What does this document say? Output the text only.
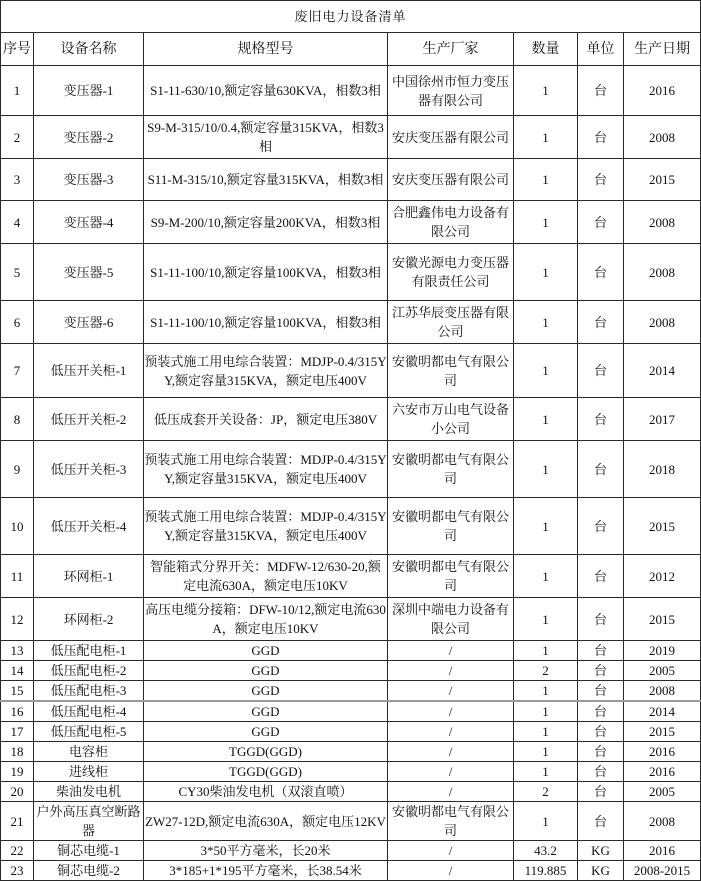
废旧电力设备清单						
序号	设备名称	规格型号	生产厂家	数量	单位	生产日期

1	变压器-1	S1-11-630/10,额定容量630KVA，相数3相	中国徐州市恒力变压器有限公司	1	台	2016

2	变压器-2	S9-M-315/10/0.4,额定容量315KVA，相数3相	安庆变压器有限公司	1	台	2008

3	变压器-3	S11-M-315/10,额定容量315KVA，相数3相	安庆变压器有限公司	1	台	2015

4	变压器-4	S9-M-200/10,额定容量200KVA，相数3相	合肥鑫伟电力设备有限公司	1	台	2008

5	变压器-5	S1-11-100/10,额定容量100KVA，相数3相	安徽光源电力变压器有限责任公司	1	台	2008

6	变压器-6	S1-11-100/10,额定容量100KVA，相数3相	江苏华辰变压器有限公司	1	台	2008

7	低压开关柜-1	预装式施工用电综合装置：MDJP-0.4/315YY,额定容量315KVA，额定电压400V	安徽明都电气有限公司	1	台	2014

8	低压开关柜-2	低压成套开关设备：JP，额定电压380V	六安市万山电气设备小公司	1	台	2017

9	低压开关柜-3	预装式施工用电综合装置：MDJP-0.4/315YY,额定容量315KVA，额定电压400V	安徽明都电气有限公司	1	台	2018

10	低压开关柜-4	预装式施工用电综合装置：MDJP-0.4/315YY,额定容量315KVA，额定电压400V	安徽明都电气有限公司	1	台	2015

11	环网柜-1	智能箱式分界开关：MDFW-12/630-20,额定电流630A，额定电压10KV	安徽明都电气有限公司	1	台	2012

12	环网柜-2	高压电缆分接箱：DFW-10/12,额定电流630A，额定电压10KV	深圳中端电力设备有限公司	1	台	2015

13	低压配电柜-1	GGD	/	1	台	2019

14	低压配电柜-2	GGD	/	2	台	2005

15	低压配电柜-3	GGD	/	1	台	2008

16	低压配电柜-4	GGD	/	1	台	2014

17	低压配电柜-5	GGD	/	1	台	2015

18	电容柜	TGGD(GGD)	/	1	台	2016

19	进线柜	TGGD(GGD)	/	1	台	2016

20	柴油发电机	CY30柴油发电机（双滚直喷）	/	2	台	2005

21	户外高压真空断路器	ZW27-12D,额定电流630A，额定电压12KV	安徽明都电气有限公司	1	台	2008

22	铜芯电缆-1	3*50平方毫米，长20米	/	43.2	KG	2016

23	铜芯电缆-2	3*185+1*195平方毫米，长38.54米	/	119.885	KG	2008-2015
